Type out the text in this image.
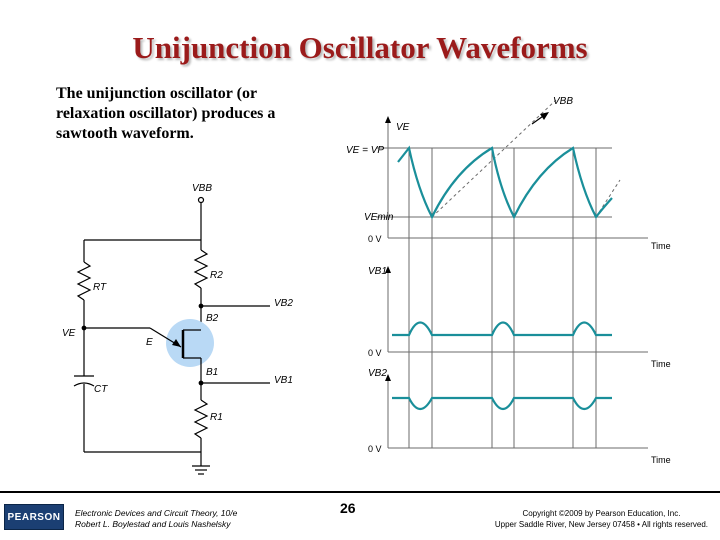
Unijunction Oscillator Waveforms
The unijunction oscillator (or relaxation oscillator) produces a sawtooth waveform.
VBB
R2
RT
VE
E
B2
B1
CT
R1
VB2
VB1
VE
VBB
VE = VP
VEmin
0 V
Time
VB1
0 V
Time
VB2
0 V
Time
PEARSON	Electronic Devices and Circuit Theory, 10/e
Robert L. Boylestad and Louis Nashelsky
26	Copyright ©2009 by Pearson Education, Inc.
Upper Saddle River, New Jersey 07458 • All rights reserved.
